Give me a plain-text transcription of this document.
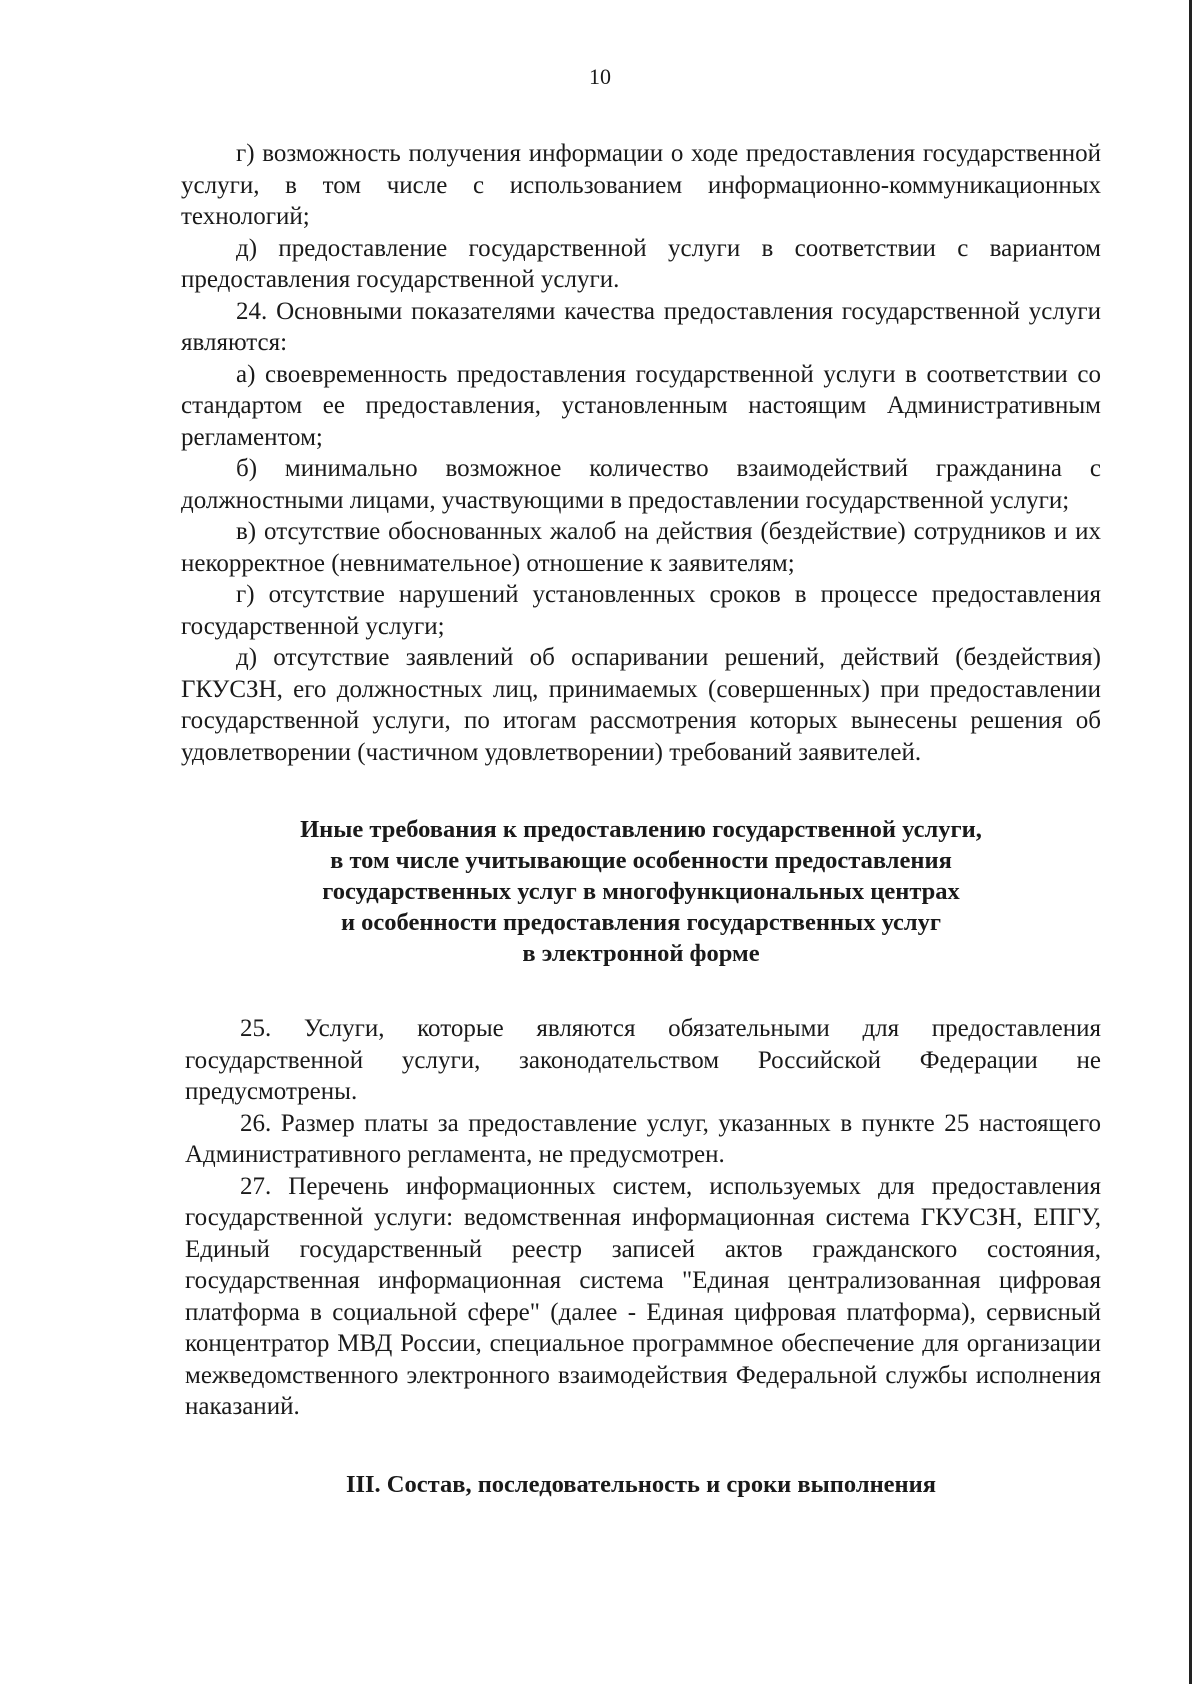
10

г) возможность получения информации о ходе предоставления государственной услуги, в том числе с использованием информационно-коммуникационных технологий;

д) предоставление государственной услуги в соответствии с вариантом предоставления государственной услуги.

24. Основными показателями качества предоставления государственной услуги являются:

а) своевременность предоставления государственной услуги в соответствии со стандартом ее предоставления, установленным настоящим Административным регламентом;

б) минимально возможное количество взаимодействий гражданина с должностными лицами, участвующими в предоставлении государственной услуги;

в) отсутствие обоснованных жалоб на действия (бездействие) сотрудников и их некорректное (невнимательное) отношение к заявителям;

г) отсутствие нарушений установленных сроков в процессе предоставления государственной услуги;

д) отсутствие заявлений об оспаривании решений, действий (бездействия) ГКУСЗН, его должностных лиц, принимаемых (совершенных) при предоставлении государственной услуги, по итогам рассмотрения которых вынесены решения об удовлетворении (частичном удовлетворении) требований заявителей.

Иные требования к предоставлению государственной услуги,
в том числе учитывающие особенности предоставления
государственных услуг в многофункциональных центрах
и особенности предоставления государственных услуг
в электронной форме

25. Услуги, которые являются обязательными для предоставления государственной услуги, законодательством Российской Федерации не предусмотрены.

26. Размер платы за предоставление услуг, указанных в пункте 25 настоящего Административного регламента, не предусмотрен.

27. Перечень информационных систем, используемых для предоставления государственной услуги: ведомственная информационная система ГКУСЗН, ЕПГУ, Единый государственный реестр записей актов гражданского состояния, государственная информационная система "Единая централизованная цифровая платформа в социальной сфере" (далее - Единая цифровая платформа), сервисный концентратор МВД России, специальное программное обеспечение для организации межведомственного электронного взаимодействия Федеральной службы исполнения наказаний.

III. Состав, последовательность и сроки выполнения
